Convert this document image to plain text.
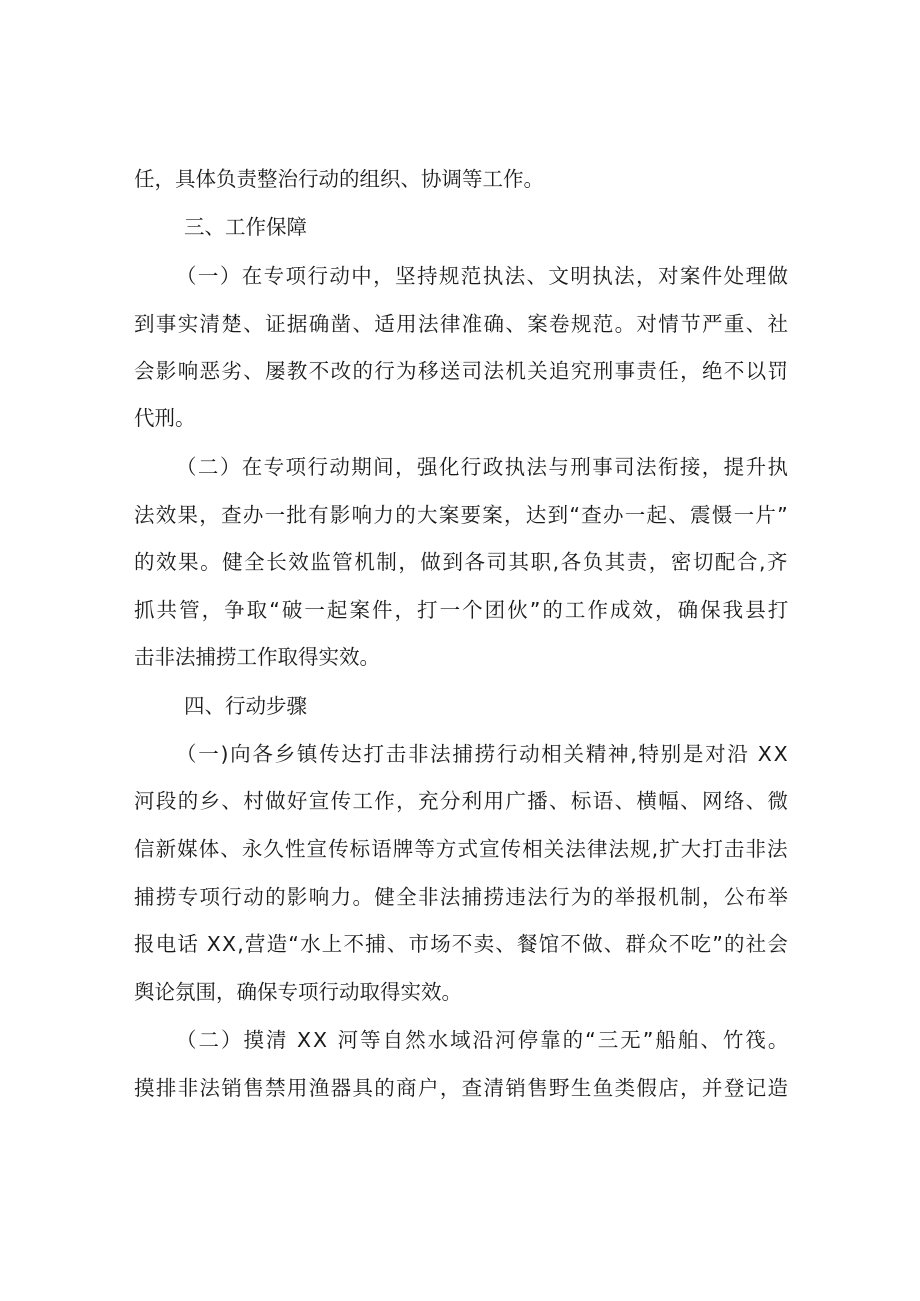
任，具体负责整治行动的组织、协调等工作。
三、工作保障
（一）在专项行动中，坚持规范执法、文明执法，对案件处理做
到事实清楚、证据确凿、适用法律准确、案卷规范。对情节严重、社
会影响恶劣、屡教不改的行为移送司法机关追究刑事责任，绝不以罚
代刑。
（二）在专项行动期间，强化行政执法与刑事司法衔接，提升执
法效果，查办一批有影响力的大案要案，达到“查办一起、震慑一片”
的效果。健全长效监管机制，做到各司其职,各负其责，密切配合,齐
抓共管，争取“破一起案件，打一个团伙”的工作成效，确保我县打
击非法捕捞工作取得实效。
四、行动步骤
（一)向各乡镇传达打击非法捕捞行动相关精神,特别是对沿 XX
河段的乡、村做好宣传工作，充分利用广播、标语、横幅、网络、微
信新媒体、永久性宣传标语牌等方式宣传相关法律法规,扩大打击非法
捕捞专项行动的影响力。健全非法捕捞违法行为的举报机制，公布举
报电话 XX,营造“水上不捕、市场不卖、餐馆不做、群众不吃”的社会
舆论氛围，确保专项行动取得实效。
（二）摸清 XX 河等自然水域沿河停靠的“三无”船舶、竹筏。
摸排非法销售禁用渔器具的商户，查清销售野生鱼类假店，并登记造
